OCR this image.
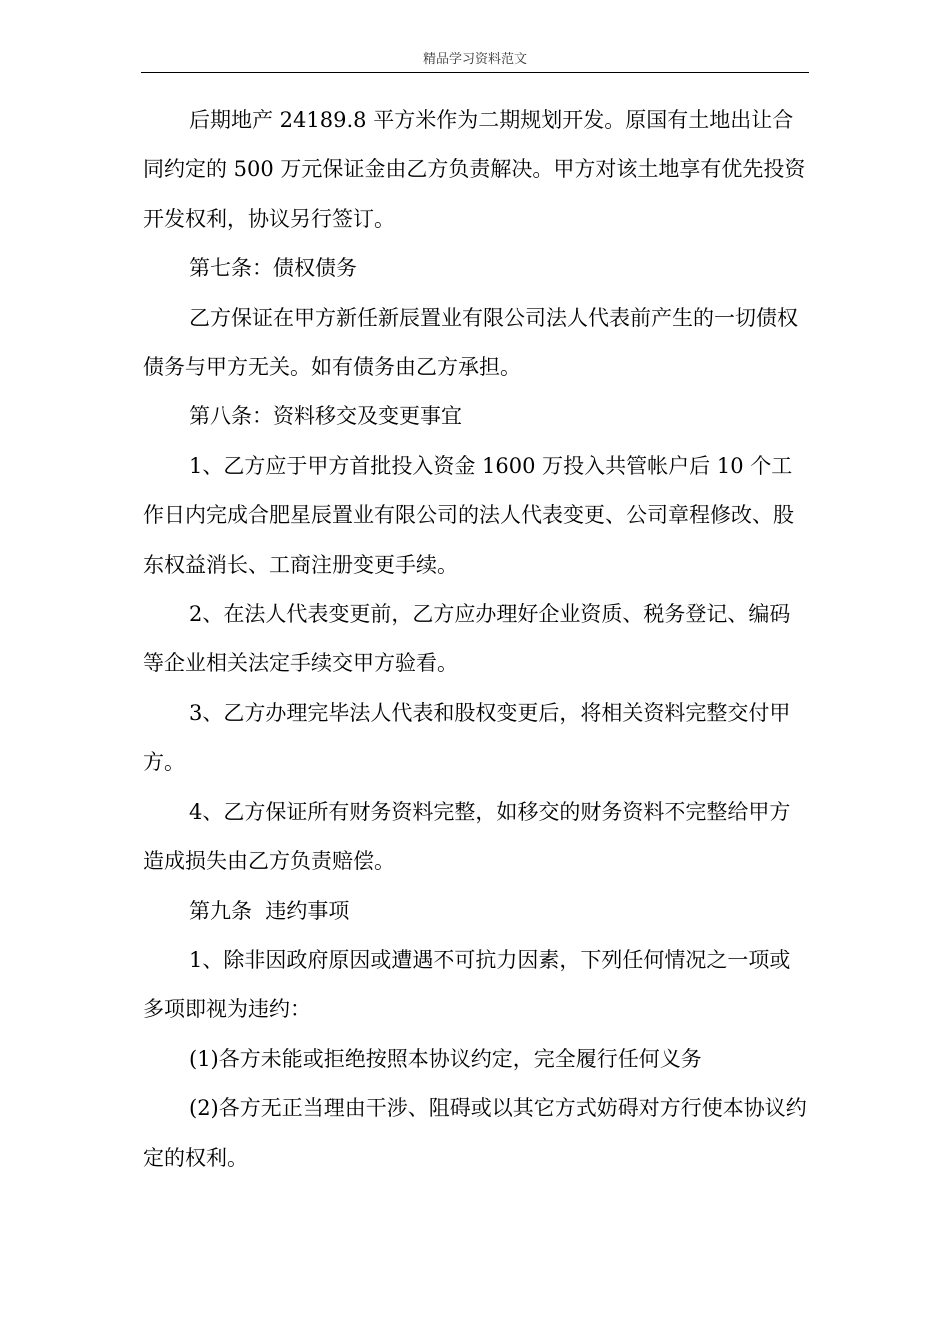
精品学习资料范文

后期地产 24189.8 平方米作为二期规划开发。原国有土地出让合同约定的 500 万元保证金由乙方负责解决。甲方对该土地享有优先投资开发权利，协议另行签订。

第七条：债权债务

乙方保证在甲方新任新辰置业有限公司法人代表前产生的一切债权债务与甲方无关。如有债务由乙方承担。

第八条：资料移交及变更事宜

1、乙方应于甲方首批投入资金 1600 万投入共管帐户后 10 个工作日内完成合肥星辰置业有限公司的法人代表变更、公司章程修改、股东权益消长、工商注册变更手续。

2、在法人代表变更前，乙方应办理好企业资质、税务登记、编码等企业相关法定手续交甲方验看。

3、乙方办理完毕法人代表和股权变更后，将相关资料完整交付甲方。

4、乙方保证所有财务资料完整，如移交的财务资料不完整给甲方造成损失由乙方负责赔偿。

第九条  违约事项

1、除非因政府原因或遭遇不可抗力因素，下列任何情况之一项或多项即视为违约：

(1)各方未能或拒绝按照本协议约定，完全履行任何义务

(2)各方无正当理由干涉、阻碍或以其它方式妨碍对方行使本协议约定的权利。
